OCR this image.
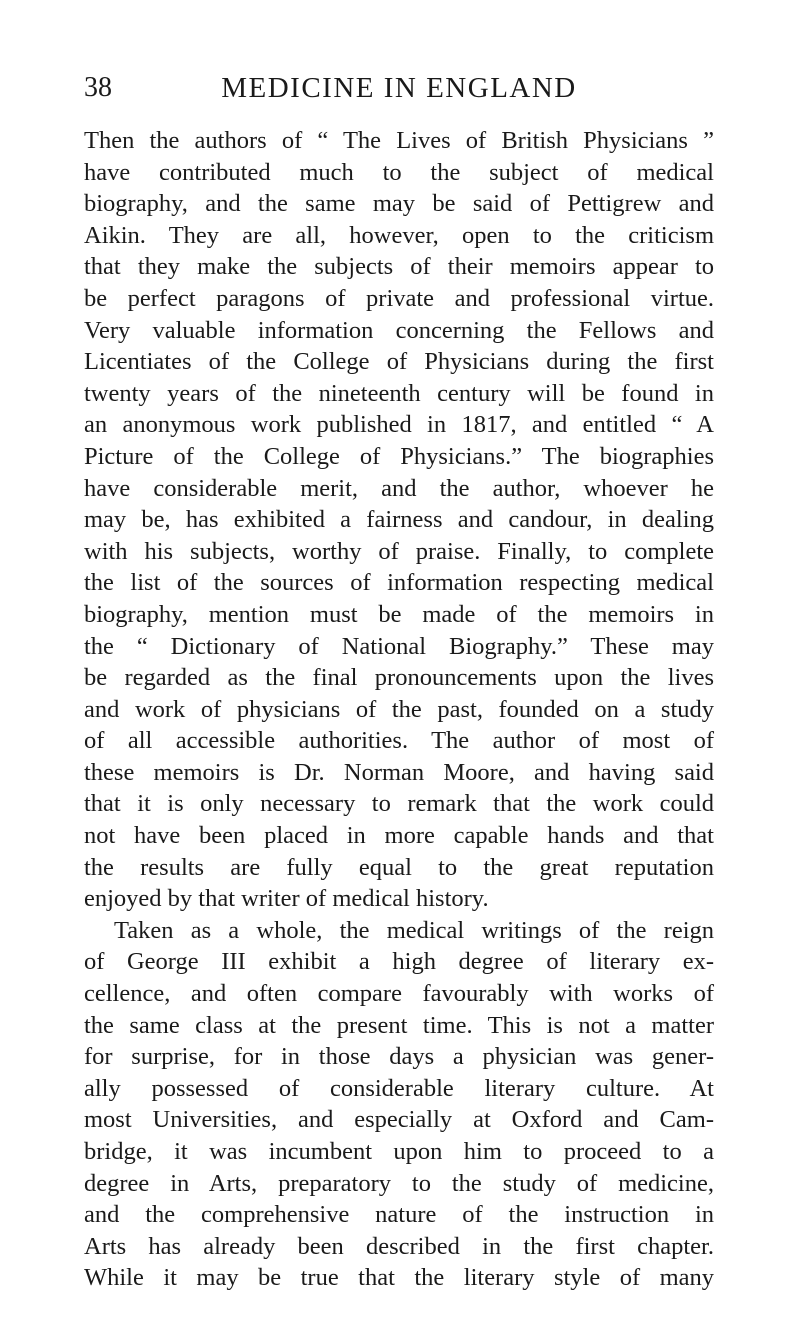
38	MEDICINE IN ENGLAND
Then the authors of “ The Lives of British Physicians ”
have contributed much to the subject of medical
biography, and the same may be said of Pettigrew and
Aikin. They are all, however, open to the criticism
that they make the subjects of their memoirs appear to
be perfect paragons of private and professional virtue.
Very valuable information concerning the Fellows and
Licentiates of the College of Physicians during the first
twenty years of the nineteenth century will be found in
an anonymous work published in 1817, and entitled “ A
Picture of the College of Physicians.” The biographies
have considerable merit, and the author, whoever he
may be, has exhibited a fairness and candour, in dealing
with his subjects, worthy of praise. Finally, to complete
the list of the sources of information respecting medical
biography, mention must be made of the memoirs in
the “ Dictionary of National Biography.” These may
be regarded as the final pronouncements upon the lives
and work of physicians of the past, founded on a study
of all accessible authorities. The author of most of
these memoirs is Dr. Norman Moore, and having said
that it is only necessary to remark that the work could
not have been placed in more capable hands and that
the results are fully equal to the great reputation
enjoyed by that writer of medical history.
Taken as a whole, the medical writings of the reign
of George III exhibit a high degree of literary ex-
cellence, and often compare favourably with works of
the same class at the present time. This is not a matter
for surprise, for in those days a physician was gener-
ally possessed of considerable literary culture. At
most Universities, and especially at Oxford and Cam-
bridge, it was incumbent upon him to proceed to a
degree in Arts, preparatory to the study of medicine,
and the comprehensive nature of the instruction in
Arts has already been described in the first chapter.
While it may be true that the literary style of many
